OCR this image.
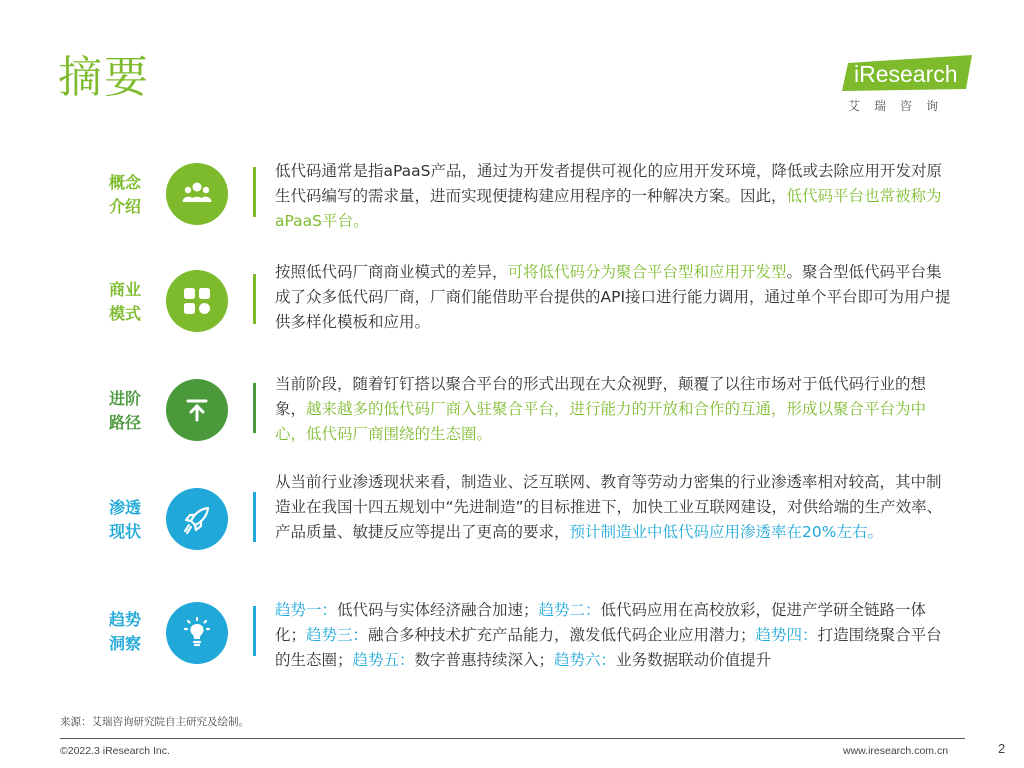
摘要	iResearch
艾瑞咨询
概念
介绍
低代码通常是指aPaaS产品，通过为开发者提供可视化的应用开发环境，降低或去除应用开发对原生代码编写的需求量，进而实现便捷构建应用程序的一种解决方案。因此，低代码平台也常被称为aPaaS平台。
商业
模式
按照低代码厂商商业模式的差异，可将低代码分为聚合平台型和应用开发型。聚合型低代码平台集成了众多低代码厂商，厂商们能借助平台提供的API接口进行能力调用，通过单个平台即可为用户提供多样化模板和应用。
进阶
路径
当前阶段，随着钉钉搭以聚合平台的形式出现在大众视野，颠覆了以往市场对于低代码行业的想象，越来越多的低代码厂商入驻聚合平台，进行能力的开放和合作的互通，形成以聚合平台为中心，低代码厂商围绕的生态圈。
渗透
现状
从当前行业渗透现状来看，制造业、泛互联网、教育等劳动力密集的行业渗透率相对较高，其中制造业在我国十四五规划中“先进制造”的目标推进下，加快工业互联网建设，对供给端的生产效率、产品质量、敏捷反应等提出了更高的要求，预计制造业中低代码应用渗透率在20%左右。
趋势
洞察
趋势一：低代码与实体经济融合加速；趋势二：低代码应用在高校放彩，促进产学研全链路一体化；趋势三：融合多种技术扩充产品能力，激发低代码企业应用潜力；趋势四：打造围绕聚合平台的生态圈；趋势五：数字普惠持续深入；趋势六：业务数据联动价值提升
来源：艾瑞咨询研究院自主研究及绘制。
©2022.3 iResearch Inc.	www.iresearch.com.cn	2
